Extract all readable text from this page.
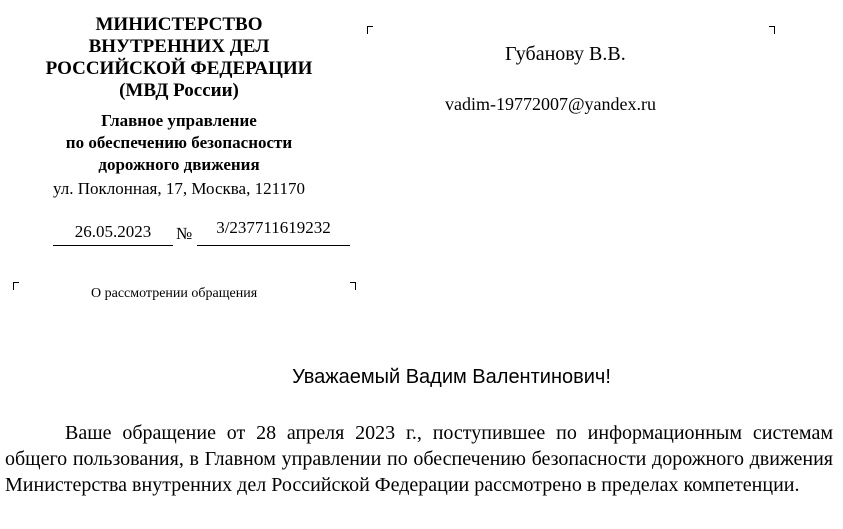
МИНИСТЕРСТВО
ВНУТРЕННИХ ДЕЛ
РОССИЙСКОЙ ФЕДЕРАЦИИ
(МВД России)
Главное управление
по обеспечению безопасности
дорожного движения
ул. Поклонная, 17, Москва, 121170
26.05.2023	№	3/237711619232
Губанову В.В.
vadim-19772007@yandex.ru
О рассмотрении обращения
Уважаемый Вадим Валентинович!

Ваше обращение от 28 апреля 2023 г., поступившее по информационным системам общего пользования, в Главном управлении по обеспечению безопасности дорожного движения Министерства внутренних дел Российской Федерации рассмотрено в пределах компетенции.
